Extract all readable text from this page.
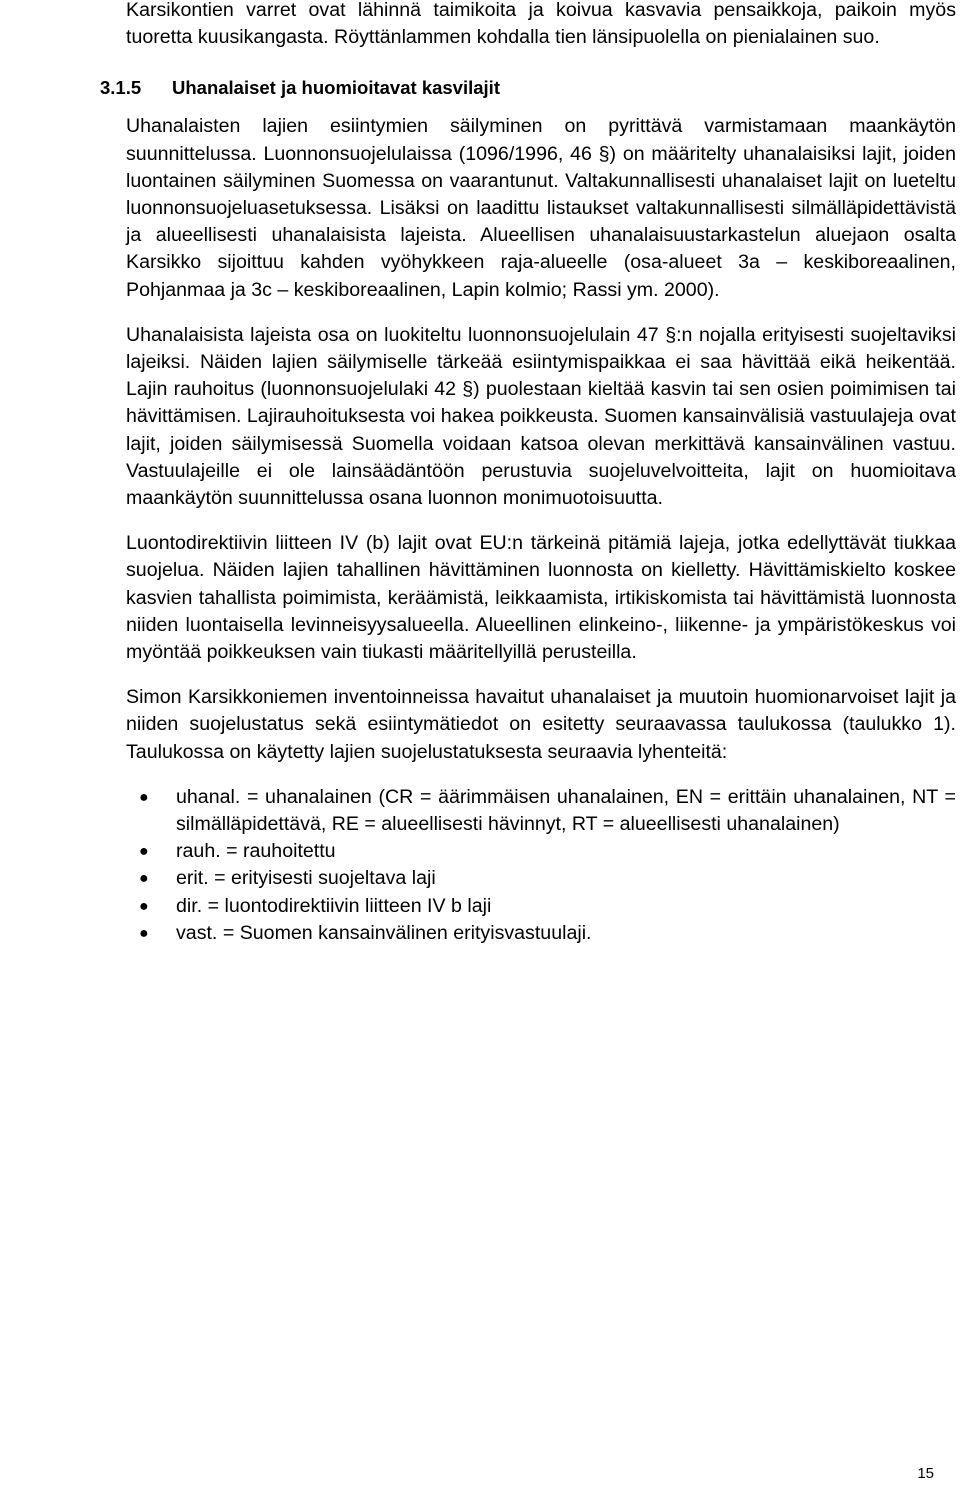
Karsikontien varret ovat lähinnä taimikoita ja koivua kasvavia pensaikkoja, paikoin myös tuoretta kuusikangasta. Röyttänlammen kohdalla tien länsipuolella on pienialainen suo.

3.1.5 Uhanalaiset ja huomioitavat kasvilajit

Uhanalaisten lajien esiintymien säilyminen on pyrittävä varmistamaan maankäytön suunnittelussa. Luonnonsuojelulaissa (1096/1996, 46 §) on määritelty uhanalaisiksi lajit, joiden luontainen säilyminen Suomessa on vaarantunut. Valtakunnallisesti uhanalaiset lajit on lueteltu luonnonsuojeluasetuksessa. Lisäksi on laadittu listaukset valtakunnallisesti silmälläpidettävistä ja alueellisesti uhanalaisista lajeista. Alueellisen uhanalaisuustarkastelun aluejaon osalta Karsikko sijoittuu kahden vyöhykkeen raja-alueelle (osa-alueet 3a – keskiboreaalinen, Pohjanmaa ja 3c – keskiboreaalinen, Lapin kolmio; Rassi ym. 2000).

Uhanalaisista lajeista osa on luokiteltu luonnonsuojelulain 47 §:n nojalla erityisesti suojeltaviksi lajeiksi. Näiden lajien säilymiselle tärkeää esiintymispaikkaa ei saa hävittää eikä heikentää. Lajin rauhoitus (luonnonsuojelulaki 42 §) puolestaan kieltää kasvin tai sen osien poimimisen tai hävittämisen. Lajirauhoituksesta voi hakea poikkeusta. Suomen kansainvälisiä vastuulajeja ovat lajit, joiden säilymisessä Suomella voidaan katsoa olevan merkittävä kansainvälinen vastuu. Vastuulajeille ei ole lainsäädäntöön perustuvia suojeluvelvoitteita, lajit on huomioitava maankäytön suunnittelussa osana luonnon monimuotoisuutta.

Luontodirektiivin liitteen IV (b) lajit ovat EU:n tärkeinä pitämiä lajeja, jotka edellyttävät tiukkaa suojelua. Näiden lajien tahallinen hävittäminen luonnosta on kielletty. Hävittämiskielto koskee kasvien tahallista poimimista, keräämistä, leikkaamista, irtikiskomista tai hävittämistä luonnosta niiden luontaisella levinneisyysalueella. Alueellinen elinkeino-, liikenne- ja ympäristökeskus voi myöntää poikkeuksen vain tiukasti määritellyillä perusteilla.

Simon Karsikkoniemen inventoinneissa havaitut uhanalaiset ja muutoin huomionarvoiset lajit ja niiden suojelustatus sekä esiintymätiedot on esitetty seuraavassa taulukossa (taulukko 1). Taulukossa on käytetty lajien suojelustatuksesta seuraavia lyhenteitä:

● uhanal. = uhanalainen (CR = äärimmäisen uhanalainen, EN = erittäin uhanalainen, NT = silmälläpidettävä, RE = alueellisesti hävinnyt, RT = alueellisesti uhanalainen)
● rauh. = rauhoitettu
● erit. = erityisesti suojeltava laji
● dir. = luontodirektiivin liitteen IV b laji
● vast. = Suomen kansainvälinen erityisvastuulaji.
15
